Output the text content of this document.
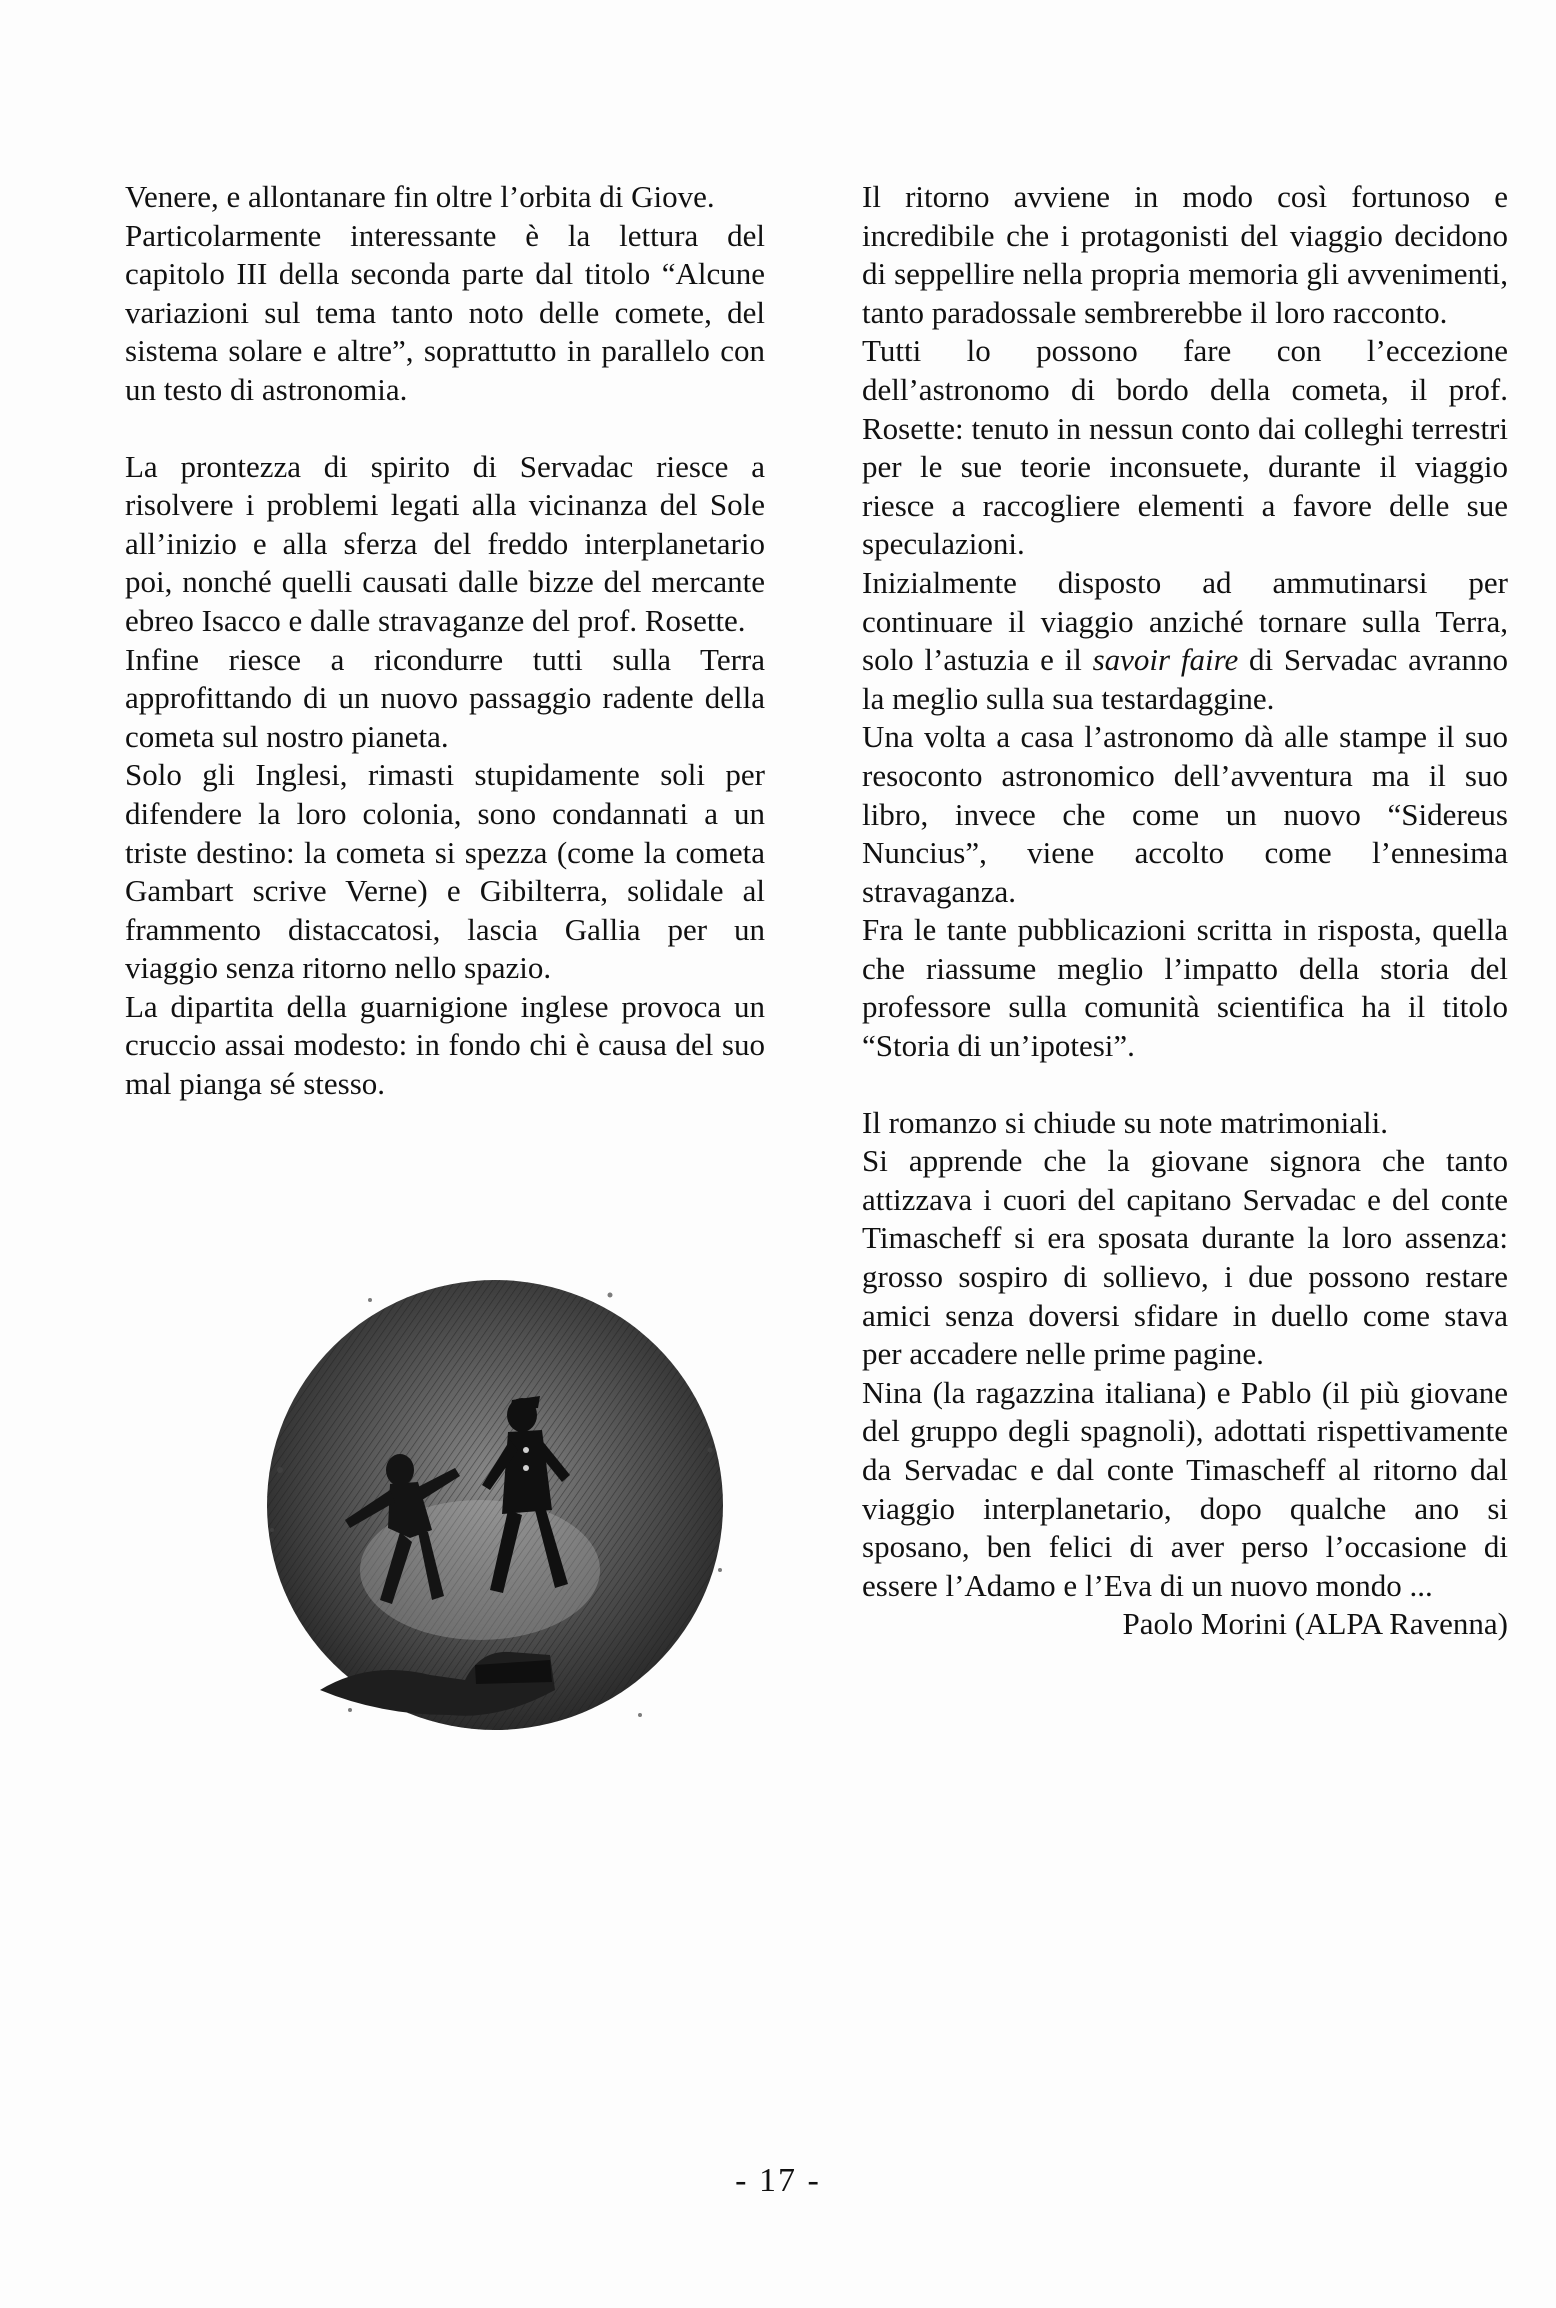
Venere, e allontanare fin oltre l’orbita di Giove.

Particolarmente interessante è la lettura del capitolo III della seconda parte dal titolo “Alcune variazioni sul tema tanto noto delle comete, del sistema solare e altre”, soprattutto in parallelo con un testo di astronomia.

La prontezza di spirito di Servadac riesce a risolvere i problemi legati alla vicinanza del Sole all’inizio e alla sferza del freddo interplanetario poi, nonché quelli causati dalle bizze del mercante ebreo Isacco e dalle stravaganze del prof. Rosette.

Infine riesce a ricondurre tutti sulla Terra approfittando di un nuovo passaggio radente della cometa sul nostro pianeta.

Solo gli Inglesi, rimasti stupidamente soli per difendere la loro colonia, sono condannati a un triste destino: la cometa si spezza (come la cometa Gambart scrive Verne) e Gibilterra, solidale al frammento distaccatosi, lascia Gallia per un viaggio senza ritorno nello spazio.

La dipartita della guarnigione inglese provoca un cruccio assai modesto: in fondo chi è causa del suo mal pianga sé stesso.

Il ritorno avviene in modo così fortunoso e incredibile che i protagonisti del viaggio decidono di seppellire nella propria memoria gli avvenimenti, tanto paradossale sembrerebbe il loro racconto.

Tutti lo possono fare con l’eccezione dell’astronomo di bordo della cometa, il prof. Rosette: tenuto in nessun conto dai colleghi terrestri per le sue teorie inconsuete, durante il viaggio riesce a raccogliere elementi a favore delle sue speculazioni.

Inizialmente disposto ad ammutinarsi per continuare il viaggio anziché tornare sulla Terra, solo l’astuzia e il savoir faire di Servadac avranno la meglio sulla sua testardaggine.

Una volta a casa l’astronomo dà alle stampe il suo resoconto astronomico dell’avventura ma il suo libro, invece che come un nuovo “Sidereus Nuncius”, viene accolto come l’ennesima stravaganza.

Fra le tante pubblicazioni scritta in risposta, quella che riassume meglio l’impatto della storia del professore sulla comunità scientifica ha il titolo “Storia di un’ipotesi”.

Il romanzo si chiude su note matrimoniali.

Si apprende che la giovane signora che tanto attizzava i cuori del capitano Servadac e del conte Timascheff si era sposata durante la loro assenza: grosso sospiro di sollievo, i due possono restare amici senza doversi sfidare in duello come stava per accadere nelle prime pagine.

Nina (la ragazzina italiana) e Pablo (il più giovane del gruppo degli spagnoli), adottati rispettivamente da Servadac e dal conte Timascheff al ritorno dal viaggio interplanetario, dopo qualche ano si sposano, ben felici di aver perso l’occasione di essere l’Adamo e l’Eva di un nuovo mondo ...

Paolo Morini (ALPA Ravenna)

- 17 -
